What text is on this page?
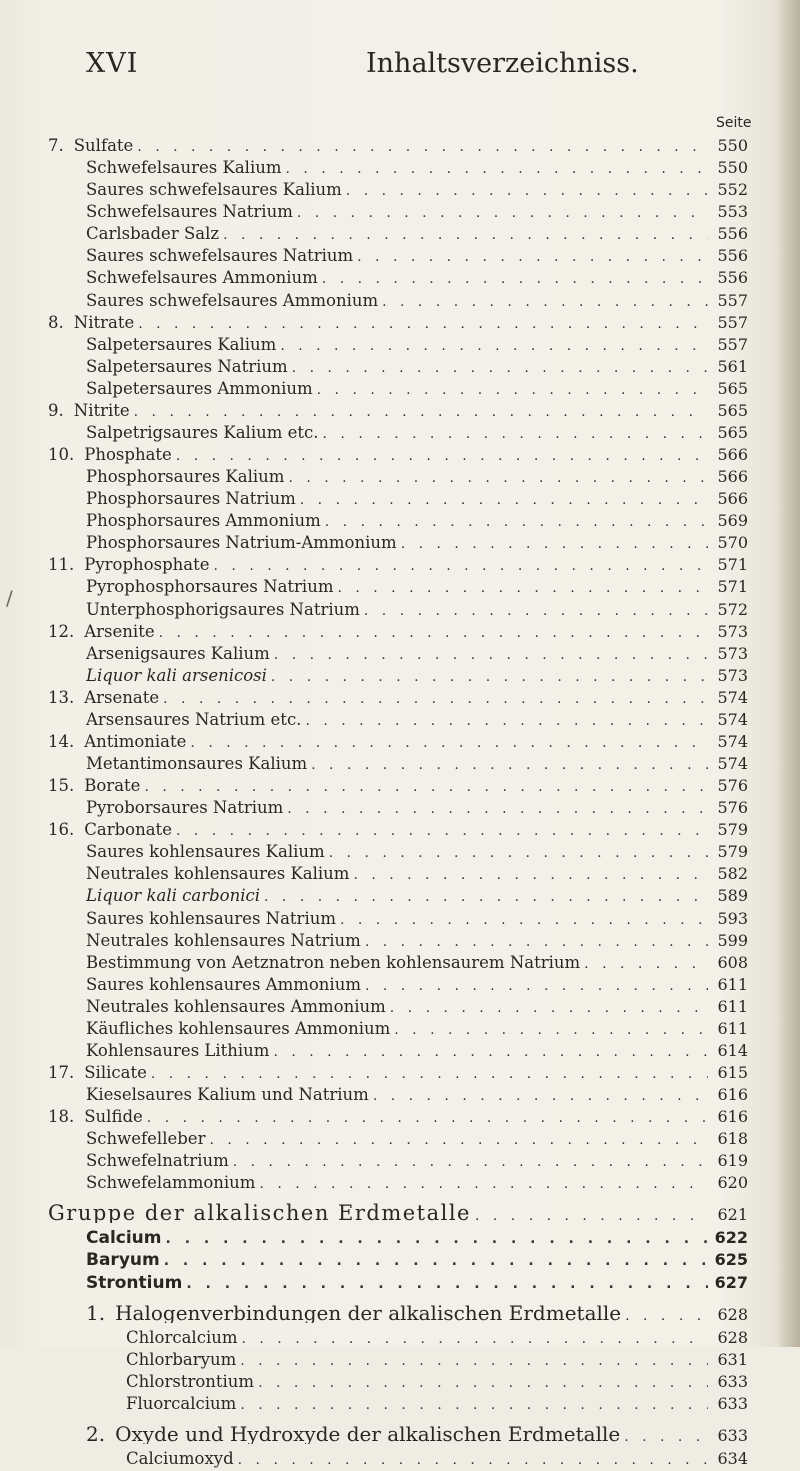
XVI	Inhaltsverzeichniss.
Seite
/
7. Sulfate . . .	550
Schwefelsaures Kalium . . .	550
Saures schwefelsaures Kalium . . .	552
Schwefelsaures Natrium . . .	553
Carlsbader Salz . . .	556
Saures schwefelsaures Natrium . . .	556
Schwefelsaures Ammonium . . .	556
Saures schwefelsaures Ammonium . . .	557
8. Nitrate . . .	557
Salpetersaures Kalium . . .	557
Salpetersaures Natrium . . .	561
Salpetersaures Ammonium . . .	565
9. Nitrite . . .	565
Salpetrigsaures Kalium etc. . . .	565
10. Phosphate . . .	566
Phosphorsaures Kalium . . .	566
Phosphorsaures Natrium . . .	566
Phosphorsaures Ammonium . . .	569
Phosphorsaures Natrium-Ammonium . . .	570
11. Pyrophosphate . . .	571
Pyrophosphorsaures Natrium . . .	571
Unterphosphorigsaures Natrium . . .	572
12. Arsenite . . .	573
Arsenigsaures Kalium . . .	573
Liquor kali arsenicosi . . .	573
13. Arsenate . . .	574
Arsensaures Natrium etc. . . .	574
14. Antimoniate . . .	574
Metantimonsaures Kalium . . .	574
15. Borate . . .	576
Pyroborsaures Natrium . . .	576
16. Carbonate . . .	579
Saures kohlensaures Kalium . . .	579
Neutrales kohlensaures Kalium . . .	582
Liquor kali carbonici . . .	589
Saures kohlensaures Natrium . . .	593
Neutrales kohlensaures Natrium . . .	599
Bestimmung von Aetznatron neben kohlensaurem Natrium . . .	608
Saures kohlensaures Ammonium . . .	611
Neutrales kohlensaures Ammonium . . .	611
Käufliches kohlensaures Ammonium . . .	611
Kohlensaures Lithium . . .	614
17. Silicate . . .	615
Kieselsaures Kalium und Natrium . . .	616
18. Sulfide . . .	616
Schwefelleber . . .	618
Schwefelnatrium . . .	619
Schwefelammonium . . .	620
Gruppe der alkalischen Erdmetalle . . .	621
Calcium . . .	622
Baryum . . .	625
Strontium . . .	627
1. Halogenverbindungen der alkalischen Erdmetalle . . .	628
Chlorcalcium . . .	628
Chlorbaryum . . .	631
Chlorstrontium . . .	633
Fluorcalcium . . .	633
2. Oxyde und Hydroxyde der alkalischen Erdmetalle . . .	633
Calciumoxyd . . .	634
